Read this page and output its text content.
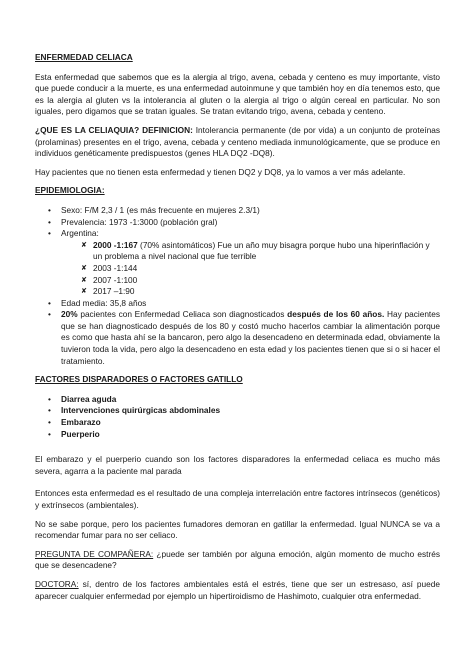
ENFERMEDAD CELIACA

Esta enfermedad que sabemos que es la alergia al trigo, avena, cebada y centeno es muy importante, visto que puede conducir a la muerte, es una enfermedad autoinmune y que también hoy en día tenemos esto, que es la alergia al gluten vs la intolerancia al gluten o la alergia al trigo o algún cereal en particular. No son iguales, pero digamos que se tratan iguales. Se tratan evitando trigo, avena, cebada y centeno.

¿QUE ES LA CELIAQUIA? DEFINICION: Intolerancia permanente (de por vida) a un conjunto de proteínas (prolaminas) presentes en el trigo, avena, cebada y centeno mediada inmunológicamente, que se produce en individuos genéticamente predispuestos (genes HLA DQ2 -DQ8).

Hay pacientes que no tienen esta enfermedad y tienen DQ2 y DQ8, ya lo vamos a ver más adelante.

EPIDEMIOLOGIA:

• Sexo: F/M 2,3 / 1 (es más frecuente en mujeres 2.3/1)
• Prevalencia: 1973 -1:3000 (población gral)
• Argentina:
✘ 2000 -1:167 (70% asintomáticos) Fue un año muy bisagra porque hubo una hiperinflación y un problema a nivel nacional que fue terrible
✘ 2003 -1:144
✘ 2007 -1:100
✘ 2017 –1:90
• Edad media: 35,8 años
• 20% pacientes con Enfermedad Celiaca son diagnosticados después de los 60 años. Hay pacientes que se han diagnosticado después de los 80 y costó mucho hacerlos cambiar la alimentación porque es como que hasta ahí se la bancaron, pero algo la desencadeno en determinada edad, obviamente la tuvieron toda la vida, pero algo la desencadeno en esta edad y los pacientes tienen que si o si hacer el tratamiento.

FACTORES DISPARADORES O FACTORES GATILLO

• Diarrea aguda
• Intervenciones quirúrgicas abdominales
• Embarazo
• Puerperio

El embarazo y el puerperio cuando son los factores disparadores la enfermedad celiaca es mucho más severa, agarra a la paciente mal parada

Entonces esta enfermedad es el resultado de una compleja interrelación entre factores intrínsecos (genéticos) y extrínsecos (ambientales).

No se sabe porque, pero los pacientes fumadores demoran en gatillar la enfermedad. Igual NUNCA se va a recomendar fumar para no ser celiaco.

PREGUNTA DE COMPAÑERA: ¿puede ser también por alguna emoción, algún momento de mucho estrés que se desencadene?

DOCTORA: sí, dentro de los factores ambientales está el estrés, tiene que ser un estresaso, así puede aparecer cualquier enfermedad por ejemplo un hipertiroidismo de Hashimoto, cualquier otra enfermedad.
